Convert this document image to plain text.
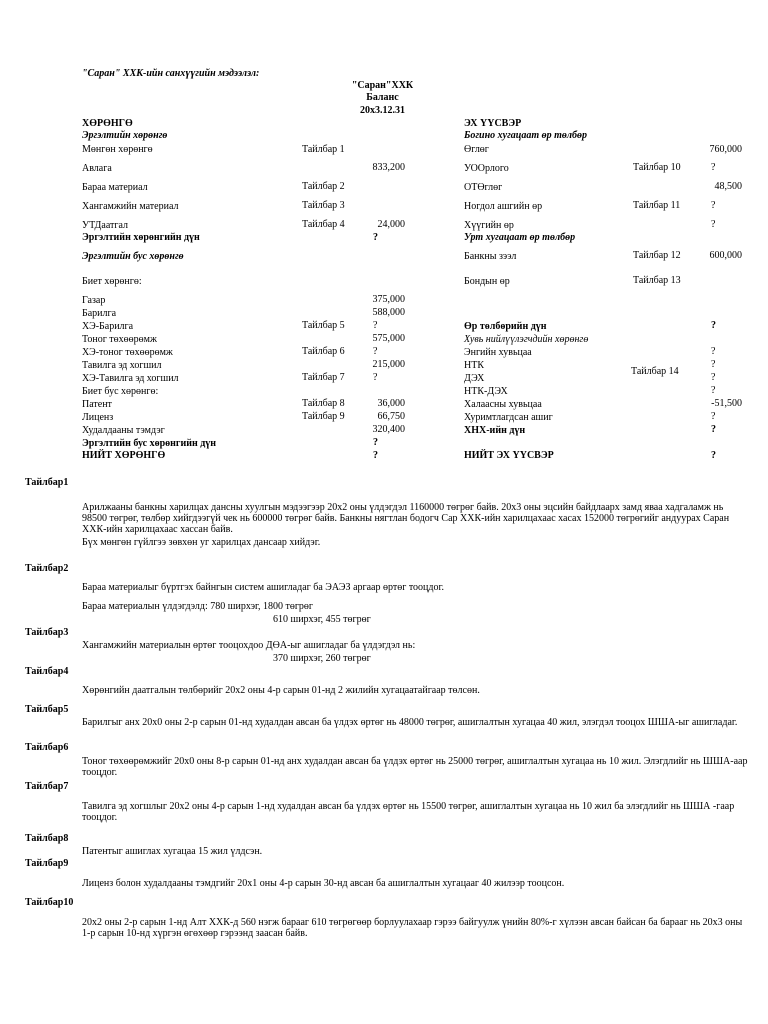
"Саран" ХХК-ийн санхүүгийн мэдээлэл:
"Саран"ХХК
Баланс
20x3.12.31
ХӨРӨНГӨ
Эргэлтийн хөрөнгө
Мөнгөн хөрөнгө	Тайлбар 1
Авлага	833,200
Бараа материал	Тайлбар 2
Хангамжийн материал	Тайлбар 3
УТДаатгал	Тайлбар 4	24,000
Эргэлтийн хөрөнгийн дүн	?
Эргэлтийн бус хөрөнгө
Биет хөрөнгө:
Газар	375,000
Барилга	588,000
ХЭ-Барилга	Тайлбар 5	?
Тоног төхөөрөмж	575,000
ХЭ-тоног төхөөрөмж	Тайлбар 6	?
Тавилга эд хогшил	215,000
ХЭ-Тавилга эд хогшил	Тайлбар 7	?
Биет бус хөрөнгө:
Патент	Тайлбар 8	36,000
Лиценз	Тайлбар 9	66,750
Худалдааны тэмдэг	320,400
Эргэлтийн бус хөрөнгийн дүн	?
НИЙТ ХӨРӨНГӨ	?
ЭХ ҮҮСВЭР
Богино хугацаат өр төлбөр
Өглөг	760,000
УООрлого	Тайлбар 10	?
ОТӨглөг	48,500
Ногдол ашгийн өр	Тайлбар 11	?
Хүүгийн өр	?
Урт хугацаат өр төлбөр
Банкны зээл	Тайлбар 12	600,000
Бондын өр	Тайлбар 13
Өр төлбөрийн дүн	?
Хувь нийлүүлэгчдийн хөрөнгө
Энгийн хувьцаа	?
НТК	?
Тайлбар 14
ДЭХ	?
НТК-ДЭХ	?
Халаасны хувьцаа	-51,500
Хуримтлагдсан ашиг	?
ХНХ-ийн дүн	?
НИЙТ ЭХ ҮҮСВЭР	?
Тайлбар1
Арилжааны банкны харилцах дансны хуулгын мэдээгээр 20х2 оны үлдэгдэл 1160000 төгрөг байв. 20х3 оны эцсийн байдлаарх замд яваа хадгаламж нь 98500 төгрөг, төлбөр хийгдээгүй чек нь 600000 төгрөг байв. Банкны нягтлан бодогч Сар ХХК-ийн харилцахаас хасах 152000 төгрөгийг андуурах Саран ХХК-ийн харилцахаас хассан байв.
Бүх мөнгөн гүйлгээ зөвхөн уг харилцах дансаар хийдэг.
Тайлбар2
Бараа материалыг бүртгэх байнгын систем ашигладаг ба ЭАЭЗ аргаар өртөг тооцдог.
Бараа материалын үлдэгдэлд: 780 ширхэг, 1800 төгрөг
610 ширхэг, 455 төгрөг
Тайлбар3
Хангамжийн материалын өртөг тооцохдоо ДӨА-ыг ашигладаг ба үлдэгдэл нь:
370 ширхэг, 260 төгрөг
Тайлбар4
Хөрөнгийн даатгалын төлбөрийг 20х2 оны 4-р сарын 01-нд 2 жилийн хугацаатайгаар төлсөн.
Тайлбар5
Барилгыг анх 20х0 оны 2-р сарын 01-нд худалдан авсан ба үлдэх өртөг нь 48000 төгрөг, ашиглалтын хугацаа 40 жил, элэгдэл тооцох ШША-ыг ашигладаг.
Тайлбар6
Тоног төхөөрөмжийг 20х0 оны 8-р сарын 01-нд анх худалдан авсан ба үлдэх өртөг нь 25000 төгрөг, ашиглалтын хугацаа нь 10 жил. Элэгдлийг нь ШША-аар тооцдог.
Тайлбар7
Тавилга эд хогшлыг 20х2 оны 4-р сарын 1-нд худалдан авсан ба үлдэх өртөг нь 15500 төгрөг, ашиглалтын хугацаа нь 10 жил ба элэгдлийг нь ШША -гаар тооцдог.
Тайлбар8
Патентыг ашиглах хугацаа 15 жил үлдсэн.
Тайлбар9
Лиценз болон худалдааны тэмдгийг 20х1 оны 4-р сарын 30-нд авсан ба ашиглалтын хугацааг 40 жилээр тооцсон.
Тайлбар10
20х2 оны 2-р сарын 1-нд Алт ХХК-д 560 нэгж барааг 610 төгрөгөөр борлуулахаар гэрээ байгуулж үнийн 80%-г хүлээн авсан байсан ба барааг нь 20х3 оны 1-р сарын 10-нд хүргэн өгөхөөр гэрээнд заасан байв.
